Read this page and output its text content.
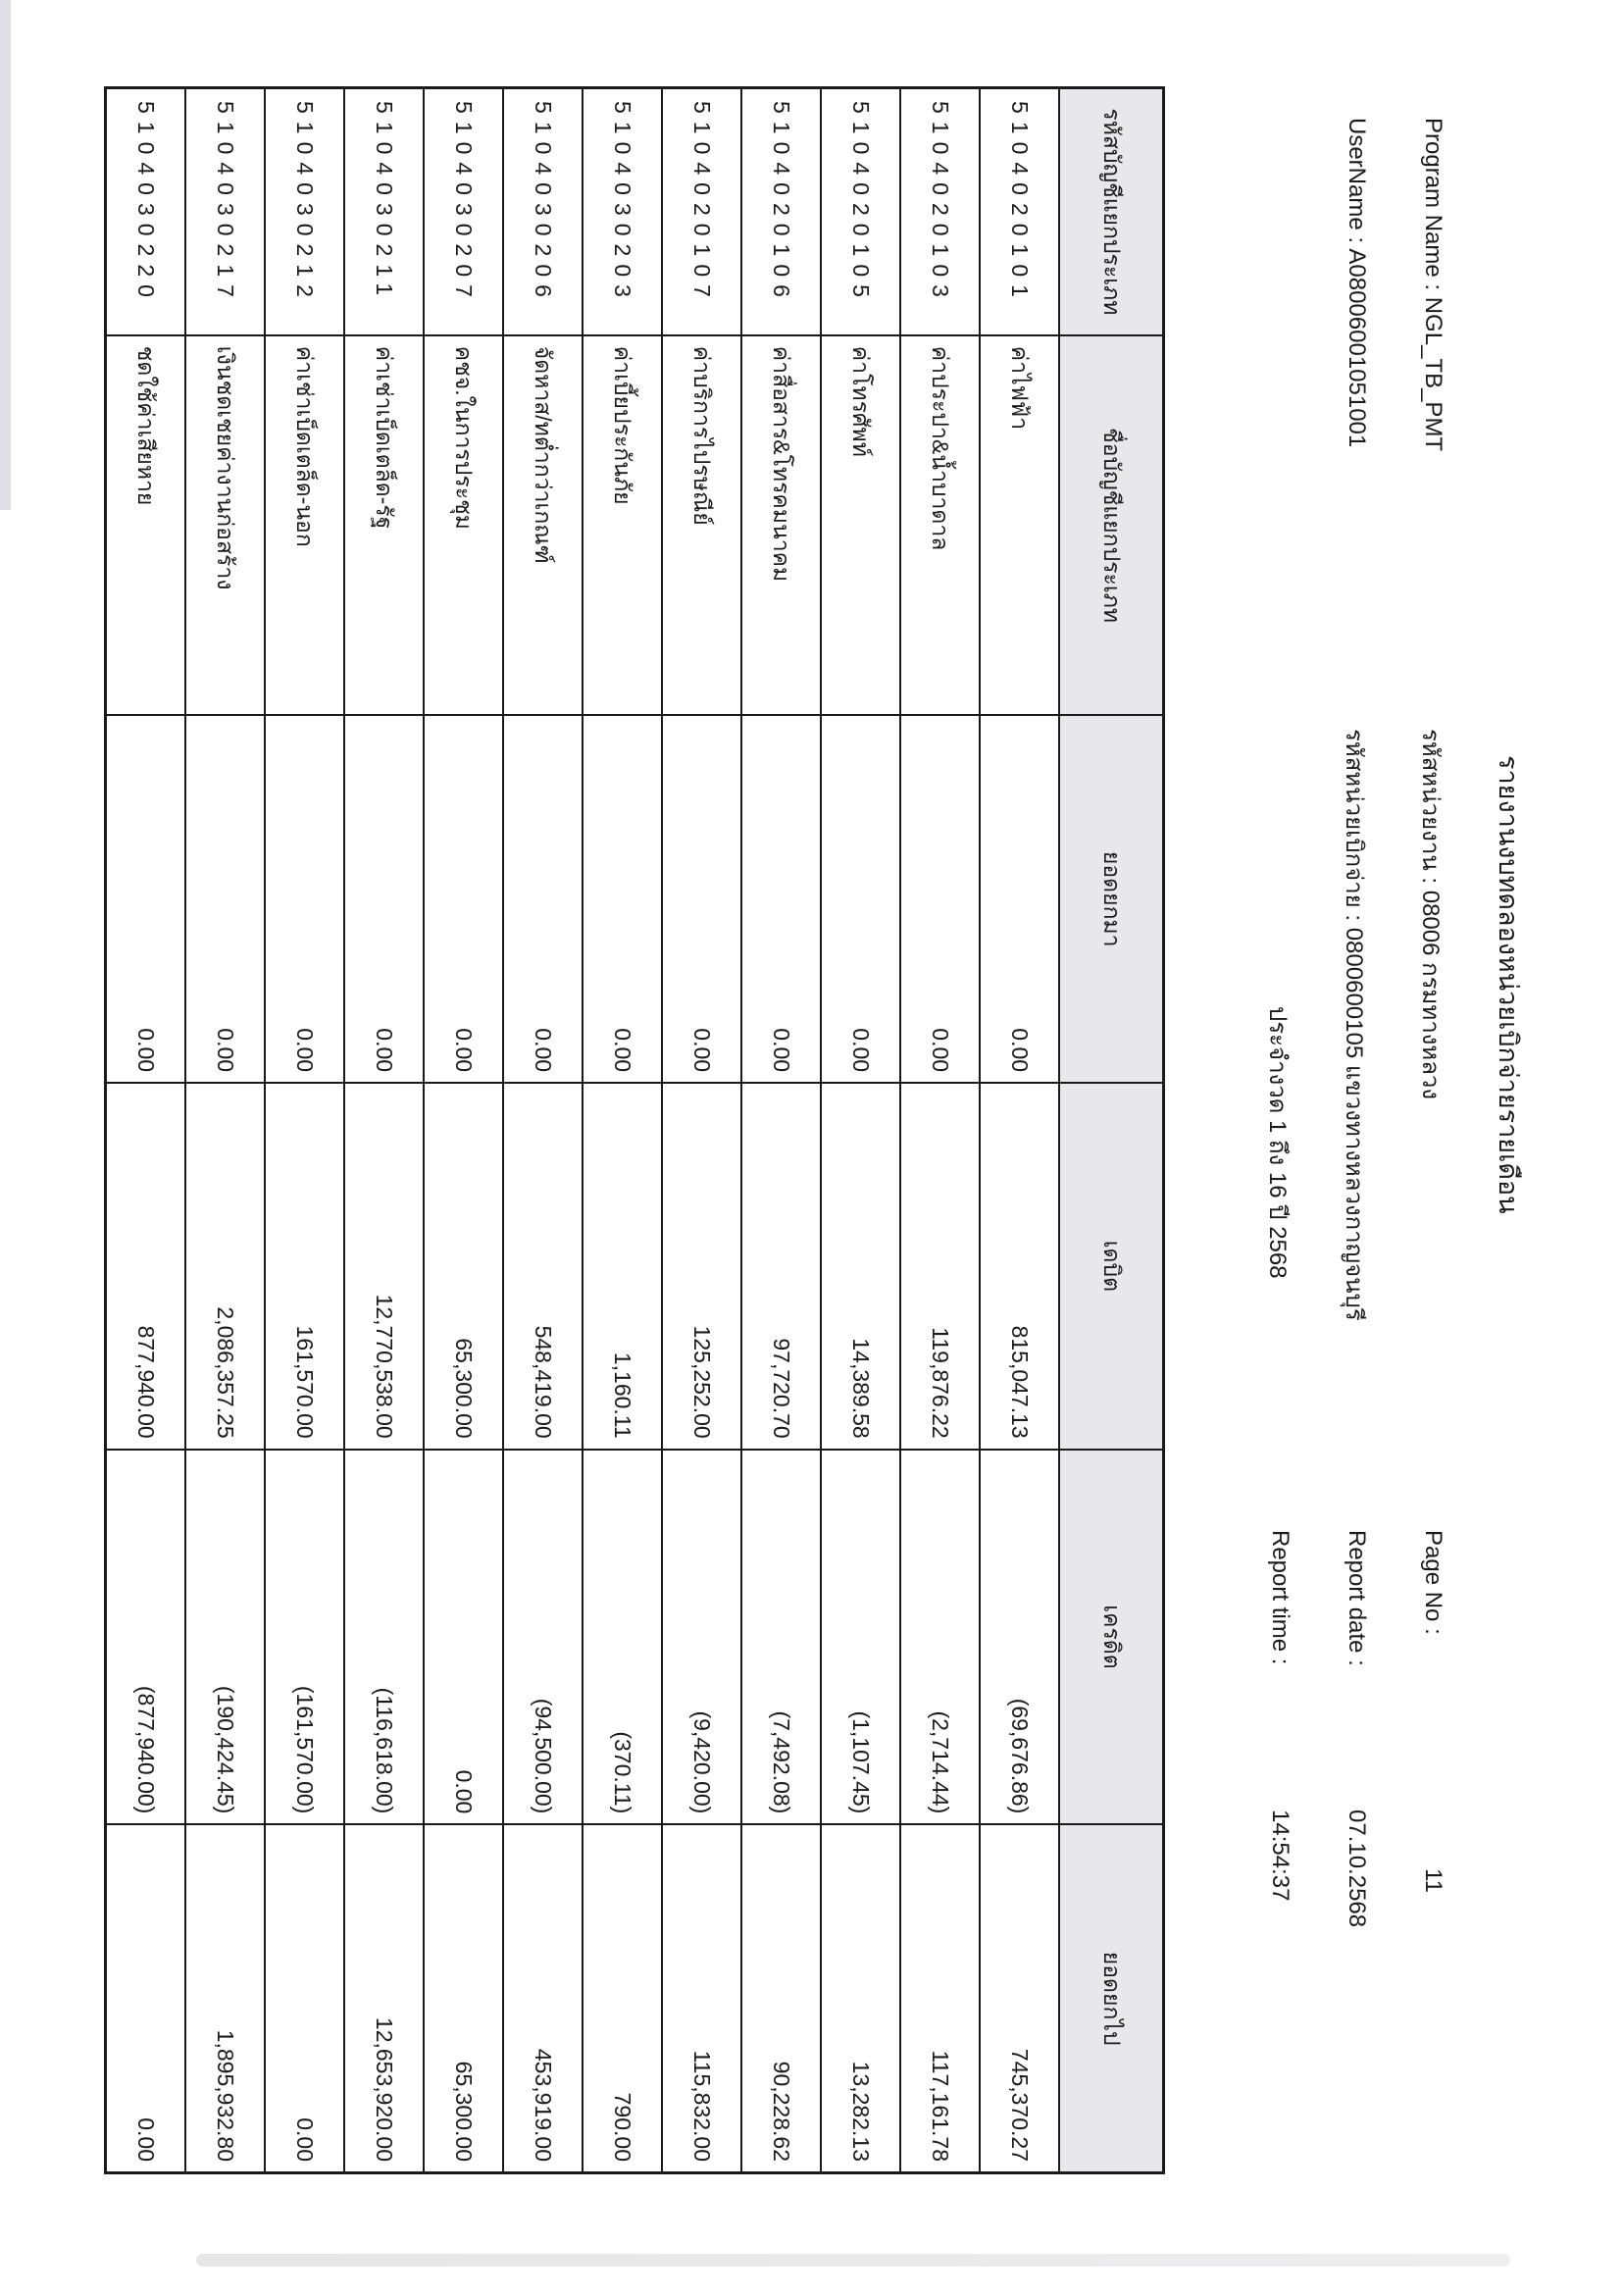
รายงานงบทดลองหน่วยเบิกจ่ายรายเดือน
Program Name : NGL_TB_PMT
รหัสหน่วยงาน : 08006 กรมทางหลวง
Page No :
11
UserName : A08006001051001
รหัสหน่วยเบิกจ่าย : 0800600105 แขวงทางหลวงกาญจนบุรี
Report date :
07.10.2568
ประจำงวด 1 ถึง 16 ปี 2568
Report time :
14:54:37
รหัสบัญชีแยกประเภท
ชื่อบัญชีแยกประเภท
ยอดยกมา
เดบิต
เครดิต
ยอดยกไป
5104020101
ค่าไฟฟ้า
0.00
815,047.13
(69,676.86)
745,370.27
5104020103
ค่าประปา&น้ำบาดาล
0.00
119,876.22
(2,714.44)
117,161.78
5104020105
ค่าโทรศัพท์
0.00
14,389.58
(1,107.45)
13,282.13
5104020106
ค่าสื่อสาร&โทรคมนาคม
0.00
97,720.70
(7,492.08)
90,228.62
5104020107
ค่าบริการไปรษณีย์
0.00
125,252.00
(9,420.00)
115,832.00
5104030203
ค่าเบี้ยประกันภัย
0.00
1,160.11
(370.11)
790.00
5104030206
จัดหาส/ทต่ำกว่าเกณฑ์
0.00
548,419.00
(94,500.00)
453,919.00
5104030207
คชจ.ในการประชุม
0.00
65,300.00
0.00
65,300.00
5104030211
ค่าเช่าเบ็ดเตล็ด-รัฐ
0.00
12,770,538.00
(116,618.00)
12,653,920.00
5104030212
ค่าเช่าเบ็ดเตล็ด-นอก
0.00
161,570.00
(161,570.00)
0.00
5104030217
เงินชดเชยค่างานก่อสร้าง
0.00
2,086,357.25
(190,424.45)
1,895,932.80
5104030220
ชดใช้ค่าเสียหาย
0.00
877,940.00
(877,940.00)
0.00
